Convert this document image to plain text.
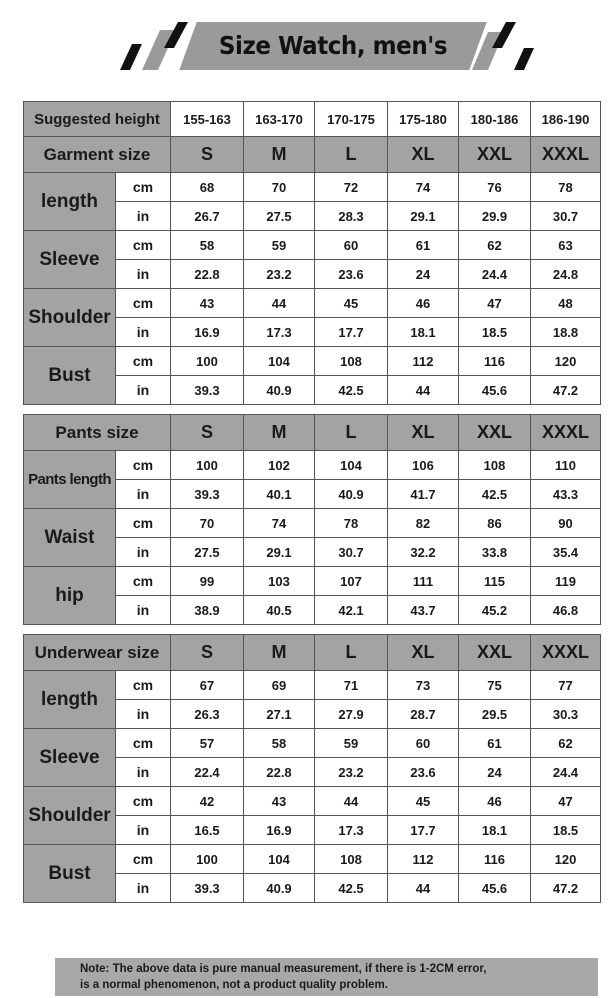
Size Watch, men's
Suggested height		155-163	163-170	170-175	175-180	180-186	186-190
Garment size		S	M	L	XL	XXL	XXXL
length	cm	68	70	72	74	76	78
	in	26.7	27.5	28.3	29.1	29.9	30.7
Sleeve	cm	58	59	60	61	62	63
	in	22.8	23.2	23.6	24	24.4	24.8
Shoulder	cm	43	44	45	46	47	48
	in	16.9	17.3	17.7	18.1	18.5	18.8
Bust	cm	100	104	108	112	116	120
	in	39.3	40.9	42.5	44	45.6	47.2
Pants size		S	M	L	XL	XXL	XXXL
Pants length	cm	100	102	104	106	108	110
	in	39.3	40.1	40.9	41.7	42.5	43.3
Waist	cm	70	74	78	82	86	90
	in	27.5	29.1	30.7	32.2	33.8	35.4
hip	cm	99	103	107	111	115	119
	in	38.9	40.5	42.1	43.7	45.2	46.8
Underwear size		S	M	L	XL	XXL	XXXL
length	cm	67	69	71	73	75	77
	in	26.3	27.1	27.9	28.7	29.5	30.3
Sleeve	cm	57	58	59	60	61	62
	in	22.4	22.8	23.2	23.6	24	24.4
Shoulder	cm	42	43	44	45	46	47
	in	16.5	16.9	17.3	17.7	18.1	18.5
Bust	cm	100	104	108	112	116	120
	in	39.3	40.9	42.5	44	45.6	47.2
Note: The above data is pure manual measurement, if there is 1-2CM error,
is a normal phenomenon, not a product quality problem.
